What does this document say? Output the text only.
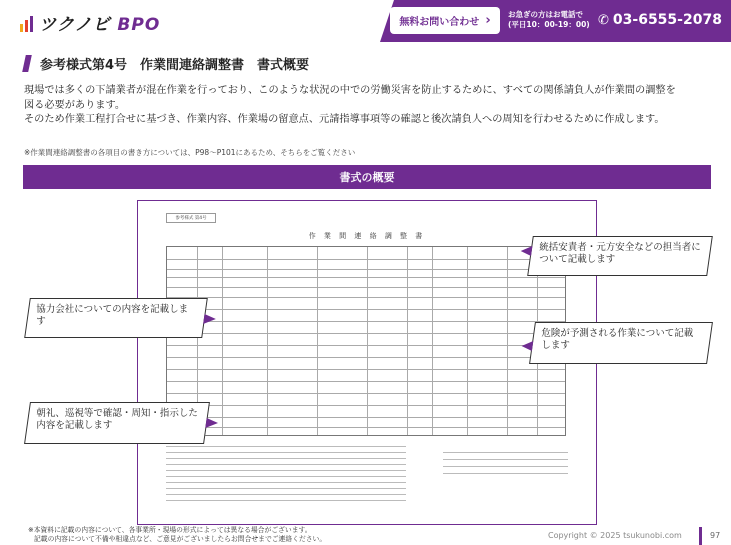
ツクノビ BPO	無料お問い合わせ › お急ぎの方はお電話で
(平日10：00-19：00) ✆ 03-6555-2078
参考様式第4号　作業間連絡調整書　書式概要

現場では多くの下請業者が混在作業を行っており、このような状況の中での労働災害を防止するために、すべての関係請負人が作業間の調整を

図る必要があります。

そのため作業工程打合せに基づき、作業内容、作業場の留意点、元請指導事項等の確認と後次請負人への周知を行わせるために作成します。

※作業間連絡調整書の各項目の書き方については、P98～P101にあるため、そちらをご覧ください
書式の概要
参考様式 第4号
作 業 間 連 絡 調 整 書
統括安責者・元方安全などの担当者について記載します
協力会社についての内容を記載します
危険が予測される作業について記載します
朝礼、巡視等で確認・周知・指示した内容を記載します
※本資料に記載の内容について、各事業所・現場の形式によっては異なる場合がございます。
記載の内容について不備や相違点など、ご意見がございましたらお問合せまでご連絡ください。	Copyright © 2025 tsukunobi.com	97
